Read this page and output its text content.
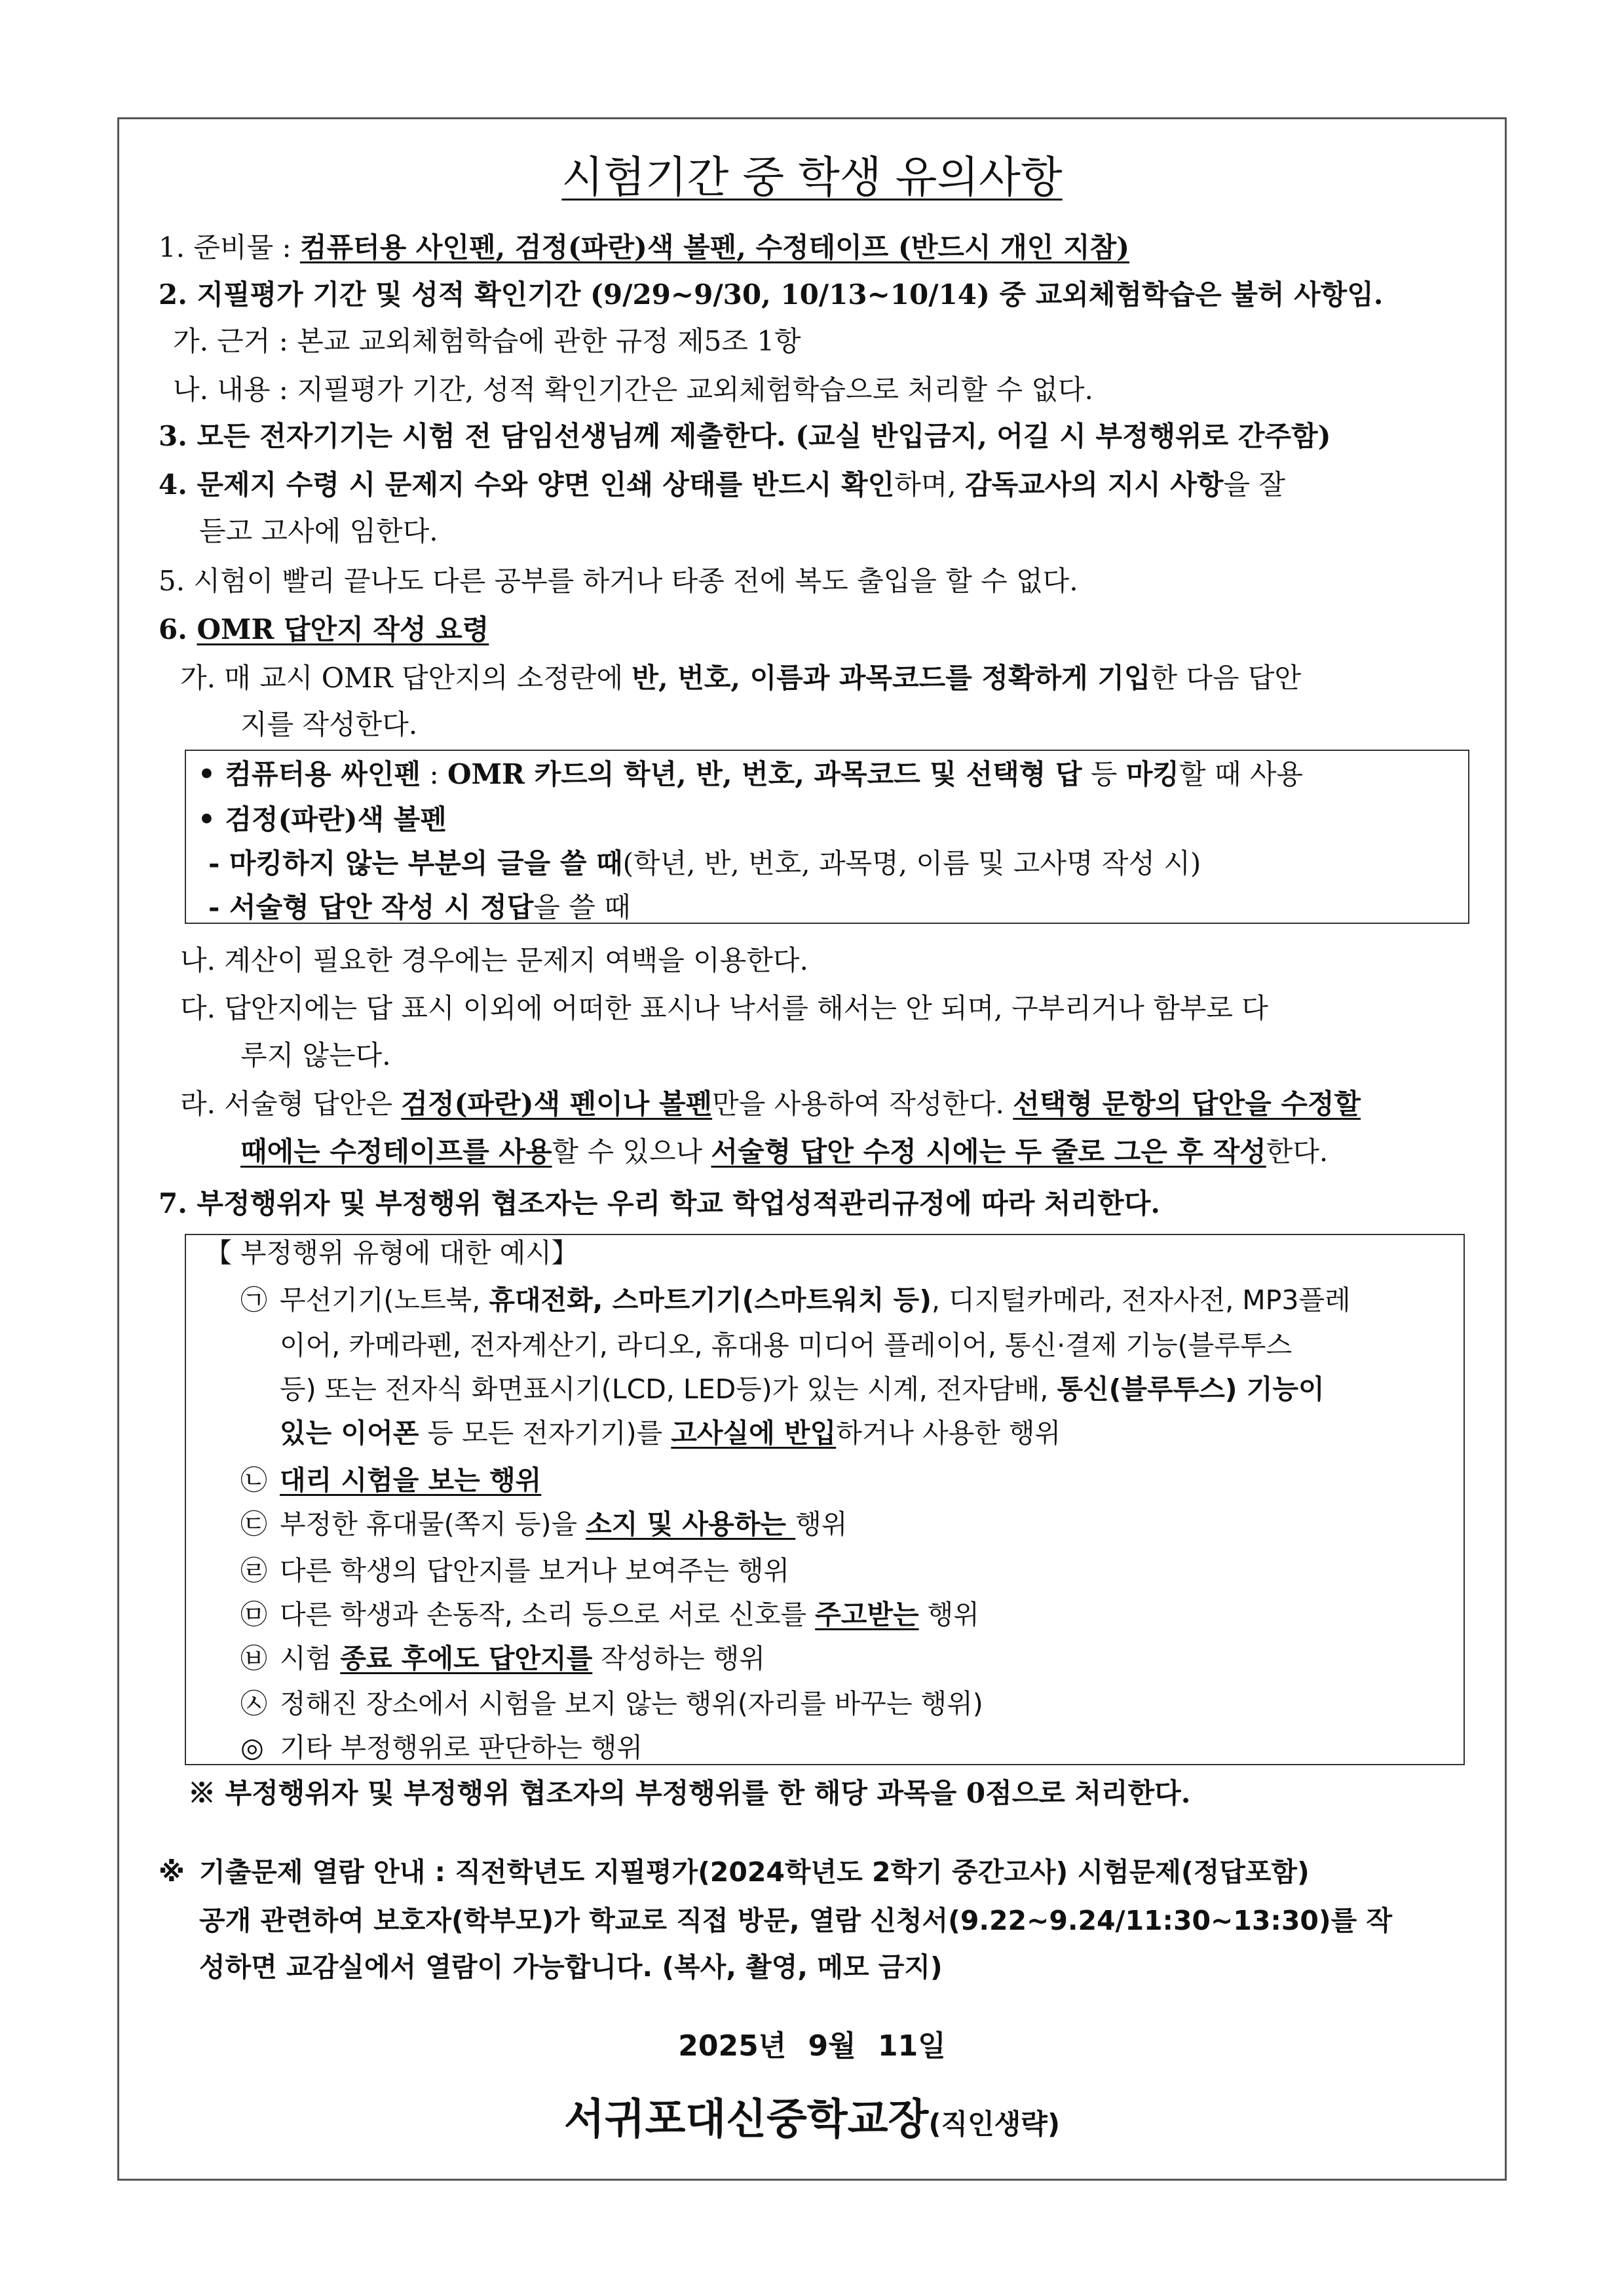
시험기간 중 학생 유의사항
1. 준비물 : 컴퓨터용 사인펜, 검정(파란)색 볼펜, 수정테이프 (반드시 개인 지참)
2. 지필평가 기간 및 성적 확인기간 (9/29~9/30, 10/13~10/14) 중 교외체험학습은 불허 사항임.
가. 근거 : 본교 교외체험학습에 관한 규정 제5조 1항
나. 내용 : 지필평가 기간, 성적 확인기간은 교외체험학습으로 처리할 수 없다.
3. 모든 전자기기는 시험 전 담임선생님께 제출한다. (교실 반입금지, 어길 시 부정행위로 간주함)
4. 문제지 수령 시 문제지 수와 양면 인쇄 상태를 반드시 확인 하며, 감독교사의 지시 사항 을 잘
듣고 고사에 임한다.
5. 시험이 빨리 끝나도 다른 공부를 하거나 타종 전에 복도 출입을 할 수 없다.
6. OMR 답안지 작성 요령
가. 매 교시 OMR 답안지의 소정란에 반, 번호, 이름과 과목코드를 정확하게 기입 한 다음 답안
지를 작성한다.
• 컴퓨터용 싸인펜 : OMR 카드의 학년, 반, 번호, 과목코드 및 선택형 답 등 마킹 할 때 사용
• 검정(파란)색 볼펜
- 마킹하지 않는 부분의 글을 쓸 때 (학년, 반, 번호, 과목명, 이름 및 고사명 작성 시)
- 서술형 답안 작성 시 정답 을 쓸 때
나. 계산이 필요한 경우에는 문제지 여백을 이용한다.
다. 답안지에는 답 표시 이외에 어떠한 표시나 낙서를 해서는 안 되며, 구부리거나 함부로 다
루지 않는다.
라. 서술형 답안은 검정(파란)색 펜이나 볼펜 만을 사용하여 작성한다. 선택형 문항의 답안을 수정할
때에는 수정테이프를 사용 할 수 있으나 서술형 답안 수정 시에는 두 줄로 그은 후 작성 한다.
7. 부정행위자 및 부정행위 협조자는 우리 학교 학업성적관리규정에 따라 처리한다.
【 부정행위 유형에 대한 예시】
㉠ 무선기기(노트북, 휴대전화, 스마트기기(스마트워치 등) , 디지털카메라, 전자사전, MP3플레
이어, 카메라펜, 전자계산기, 라디오, 휴대용 미디어 플레이어, 통신·결제 기능(블루투스
등) 또는 전자식 화면표시기(LCD, LED등)가 있는 시계, 전자담배, 통신(블루투스) 기능이
있는 이어폰 등 모든 전자기기)를 고사실에 반입 하거나 사용한 행위
㉡ 대리 시험을 보는 행위
㉢ 부정한 휴대물(쪽지 등)을 소지 및 사용하는 행위
㉣ 다른 학생의 답안지를 보거나 보여주는 행위
㉤ 다른 학생과 손동작, 소리 등으로 서로 신호를 주고받는 행위
㉥ 시험 종료 후에도 답안지를 작성하는 행위
㉦ 정해진 장소에서 시험을 보지 않는 행위(자리를 바꾸는 행위)
◎ 기타 부정행위로 판단하는 행위
※ 부정행위자 및 부정행위 협조자의 부정행위를 한 해당 과목을 0점으로 처리한다.
※ 기출문제 열람 안내 : 직전학년도 지필평가(2024학년도 2학기 중간고사) 시험문제(정답포함)
공개 관련하여 보호자(학부모)가 학교로 직접 방문, 열람 신청서(9.22~9.24/11:30~13:30)를 작
성하면 교감실에서 열람이 가능합니다. (복사, 촬영, 메모 금지)
2025년 9월 11일
서귀포대신중학교장 (직인생략)
